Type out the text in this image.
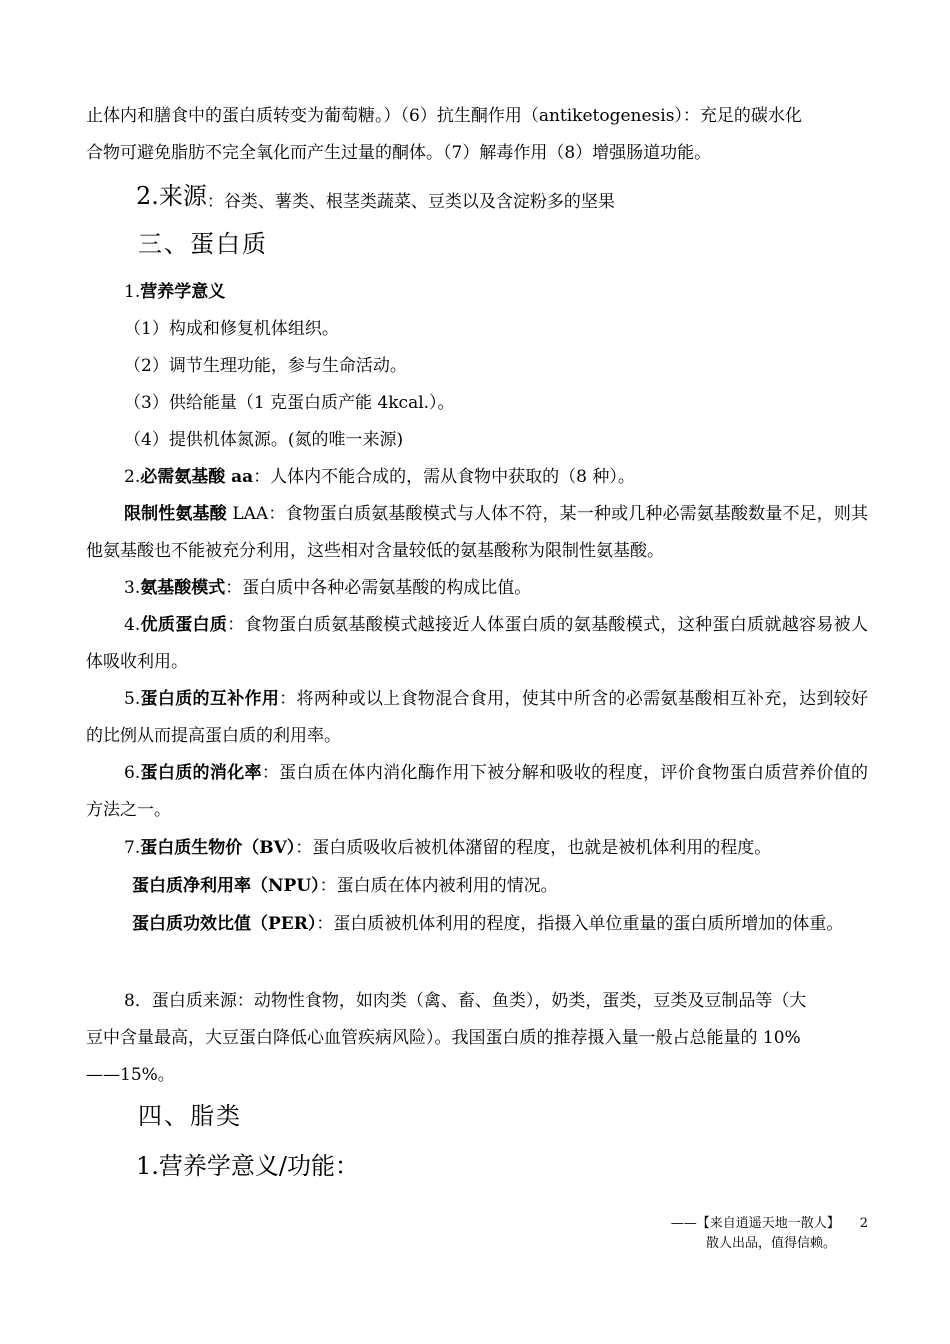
止体内和膳食中的蛋白质转变为葡萄糖。）（6）抗生酮作用（antiketogenesis）：充足的碳水化
合物可避免脂肪不完全氧化而产生过量的酮体。（7）解毒作用（8）增强肠道功能。
2.来源：谷类、薯类、根茎类蔬菜、豆类以及含淀粉多的坚果
三、蛋白质
1.营养学意义
（1）构成和修复机体组织。
（2）调节生理功能，参与生命活动。
（3）供给能量（1 克蛋白质产能 4kcal.）。
（4）提供机体氮源。(氮的唯一来源)
2.必需氨基酸 aa：人体内不能合成的，需从食物中获取的（8 种）。
限制性氨基酸 LAA：食物蛋白质氨基酸模式与人体不符，某一种或几种必需氨基酸数量不足，则其他氨基酸也不能被充分利用，这些相对含量较低的氨基酸称为限制性氨基酸。
3.氨基酸模式：蛋白质中各种必需氨基酸的构成比值。
4.优质蛋白质：食物蛋白质氨基酸模式越接近人体蛋白质的氨基酸模式，这种蛋白质就越容易被人体吸收利用。
5.蛋白质的互补作用：将两种或以上食物混合食用，使其中所含的必需氨基酸相互补充，达到较好的比例从而提高蛋白质的利用率。
6.蛋白质的消化率：蛋白质在体内消化酶作用下被分解和吸收的程度，评价食物蛋白质营养价值的方法之一。
7.蛋白质生物价（BV）：蛋白质吸收后被机体潴留的程度，也就是被机体利用的程度。
蛋白质净利用率（NPU）：蛋白质在体内被利用的情况。
蛋白质功效比值（PER）：蛋白质被机体利用的程度，指摄入单位重量的蛋白质所增加的体重。
8．蛋白质来源：动物性食物，如肉类（禽、畜、鱼类），奶类，蛋类，豆类及豆制品等（大
豆中含量最高，大豆蛋白降低心血管疾病风险）。我国蛋白质的推荐摄入量一般占总能量的 10%
——15%。
四、脂类
1.营养学意义/功能：
——【来自逍遥天地一散人】 2
散人出品，值得信赖。
